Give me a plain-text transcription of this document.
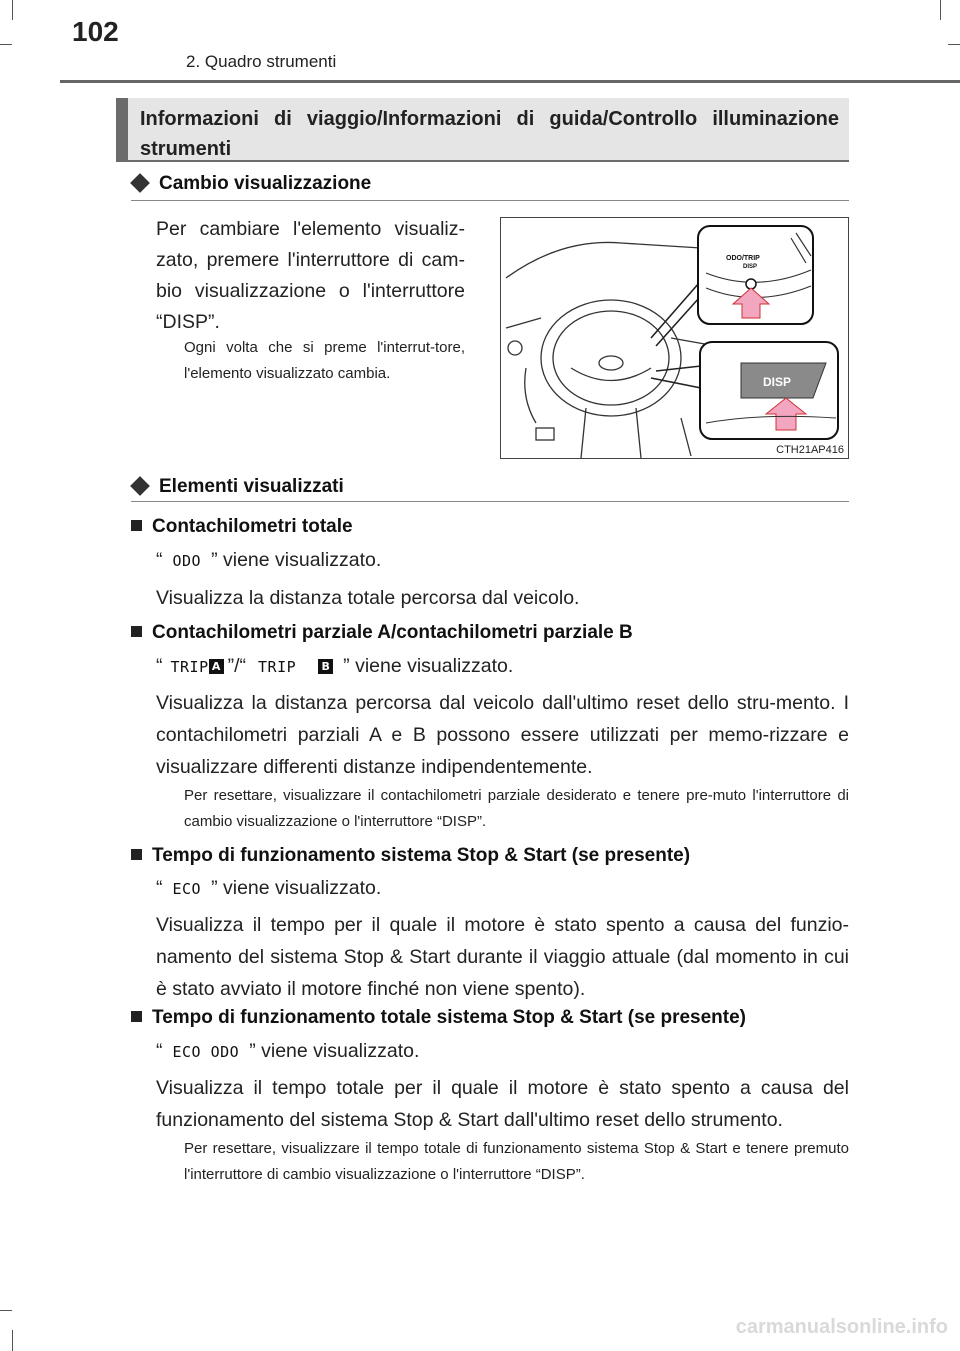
102
2. Quadro strumenti
Informazioni di viaggio/Informazioni di guida/Controllo illuminazione strumenti
Cambio visualizzazione
Per cambiare l'elemento visualiz-zato, premere l'interruttore di cam-bio visualizzazione o l'interruttore “DISP”.
Ogni volta che si preme l'interrut-tore, l'elemento visualizzato cambia.
ODO/TRIP
DISP
DISP
CTH21AP416
Elementi visualizzati
Contachilometri totale
“ ODO ” viene visualizzato.
Visualizza la distanza totale percorsa dal veicolo.
Contachilometri parziale A/contachilometri parziale B
“ TRIP A ”/“ TRIP B ” viene visualizzato.
Visualizza la distanza percorsa dal veicolo dall'ultimo reset dello stru-mento. I contachilometri parziali A e B possono essere utilizzati per memo-rizzare e visualizzare differenti distanze indipendentemente.
Per resettare, visualizzare il contachilometri parziale desiderato e tenere pre-muto l'interruttore di cambio visualizzazione o l'interruttore “DISP”.
Tempo di funzionamento sistema Stop & Start (se presente)
“ ECO ” viene visualizzato.
Visualizza il tempo per il quale il motore è stato spento a causa del funzio-namento del sistema Stop & Start durante il viaggio attuale (dal momento in cui è stato avviato il motore finché non viene spento).
Tempo di funzionamento totale sistema Stop & Start (se presente)
“ ECO ODO ” viene visualizzato.
Visualizza il tempo totale per il quale il motore è stato spento a causa del funzionamento del sistema Stop & Start dall'ultimo reset dello strumento.
Per resettare, visualizzare il tempo totale di funzionamento sistema Stop & Start e tenere premuto l'interruttore di cambio visualizzazione o l'interruttore “DISP”.
carmanualsonline.info
